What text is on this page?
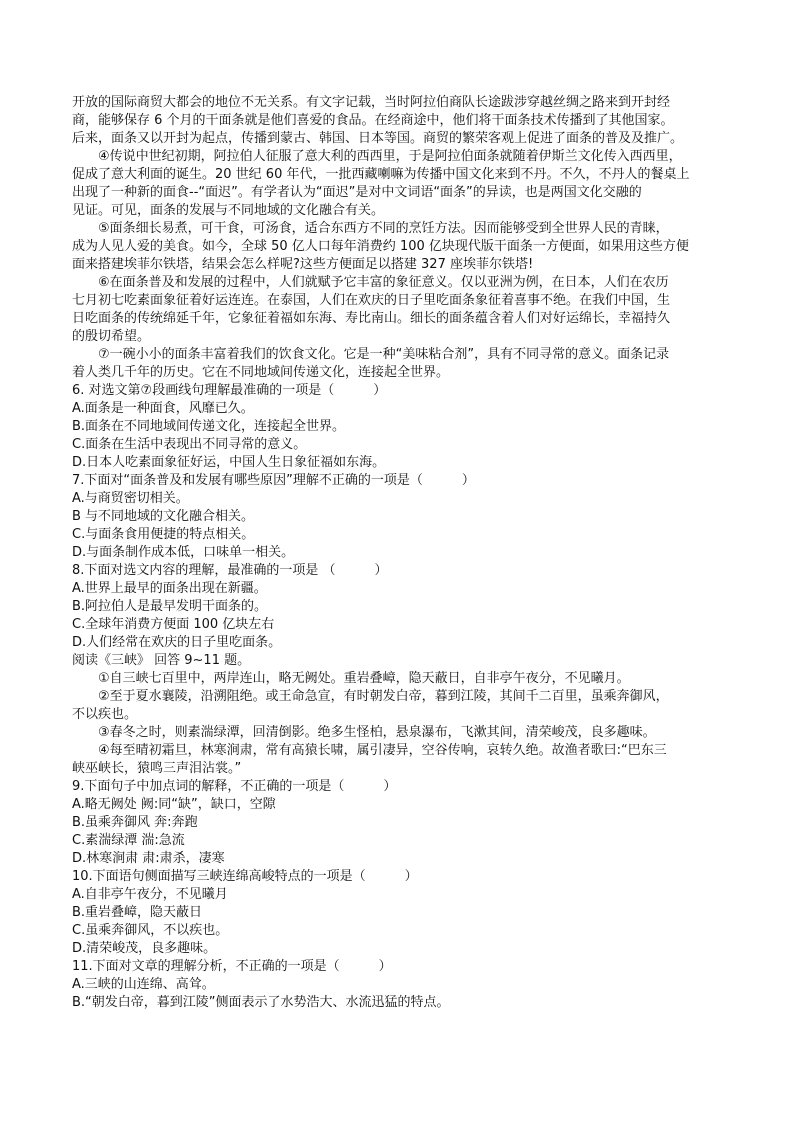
开放的国际商贸大都会的地位不无关系。有文字记载，当时阿拉伯商队长途跋涉穿越丝绸之路来到开封经
商，能够保存 6 个月的干面条就是他们喜爱的食品。在经商途中，他们将干面条技术传播到了其他国家。
后来，面条又以开封为起点，传播到蒙古、韩国、日本等国。商贸的繁荣客观上促进了面条的普及及推广。
④传说中世纪初期，阿拉伯人征服了意大利的西西里，于是阿拉伯面条就随着伊斯兰文化传入西西里，
促成了意大利面的诞生。20 世纪 60 年代，一批西藏喇嘛为传播中国文化来到不丹。不久，不丹人的餐桌上
出现了一种新的面食--“面迟”。有学者认为“面迟”是对中文词语“面条”的异读，也是两国文化交融的
见证。可见，面条的发展与不同地域的文化融合有关。
⑤面条细长易煮，可干食，可汤食，适合东西方不同的烹饪方法。因而能够受到全世界人民的青睐，
成为人见人爱的美食。如今，全球 50 亿人口每年消费约 100 亿块现代版干面条一方便面，如果用这些方便
面来搭建埃菲尔铁塔，结果会怎么样呢?这些方便面足以搭建 327 座埃菲尔铁塔!
⑥在面条普及和发展的过程中，人们就赋予它丰富的象征意义。仅以亚洲为例，在日本，人们在农历
七月初七吃素面象征着好运连连。在泰国，人们在欢庆的日子里吃面条象征着喜事不绝。在我们中国，生
日吃面条的传统绵延千年，它象征着福如东海、寿比南山。细长的面条蕴含着人们对好运绵长，幸福持久
的殷切希望。
⑦一碗小小的面条丰富着我们的饮食文化。它是一种“美味粘合剂”，具有不同寻常的意义。面条记录
着人类几千年的历史。它在不同地域间传递文化，连接起全世界。
6. 对选文第⑦段画线句理解最准确的一项是（　　　）
A.面条是一种面食，风靡已久。
B.面条在不同地域间传递文化，连接起全世界。
C.面条在生活中表现出不同寻常的意义。
D.日本人吃素面象征好运，中国人生日象征福如东海。
7.下面对“面条普及和发展有哪些原因”理解不正确的一项是（　　　）
A.与商贸密切相关。
B 与不同地域的文化融合相关。
C.与面条食用便捷的特点相关。
D.与面条制作成本低，口味单一相关。
8.下面对选文内容的理解，最准确的一项是 （　　　）
A.世界上最早的面条出现在新疆。
B.阿拉伯人是最早发明干面条的。
C.全球年消费方便面 100 亿块左右
D.人们经常在欢庆的日子里吃面条。
阅读《三峡》 回答 9~11 题。
①自三峡七百里中，两岸连山，略无阙处。重岩叠嶂，隐天蔽日，自非亭午夜分，不见曦月。
②至于夏水襄陵，沿溯阻绝。或王命急宣，有时朝发白帝，暮到江陵，其间千二百里，虽乘奔御风，
不以疾也。
③春冬之时，则素湍绿潭，回清倒影。绝多生怪柏，悬泉瀑布，飞漱其间，清荣峻茂，良多趣味。
④每至晴初霜旦，林寒涧肃，常有高猿长啸，属引凄异，空谷传响，哀转久绝。故渔者歌曰:“巴东三
峡巫峡长，猿鸣三声泪沾裳。”
9.下面句子中加点词的解释，不正确的一项是（　　　）
A.略无阙处 阙:同“缺”，缺口，空隙
B.虽乘奔御风 奔:奔跑
C.素湍绿潭 湍:急流
D.林寒涧肃 肃:肃杀，凄寒
10.下面语句侧面描写三峡连绵高峻特点的一项是（　　　）
A.自非亭午夜分，不见曦月
B.重岩叠嶂，隐天蔽日
C.虽乘奔御风，不以疾也。
D.清荣峻茂，良多趣味。
11.下面对文章的理解分析，不正确的一项是（　　　）
A.三峡的山连绵、高耸。
B.“朝发白帝，暮到江陵”侧面表示了水势浩大、水流迅猛的特点。
